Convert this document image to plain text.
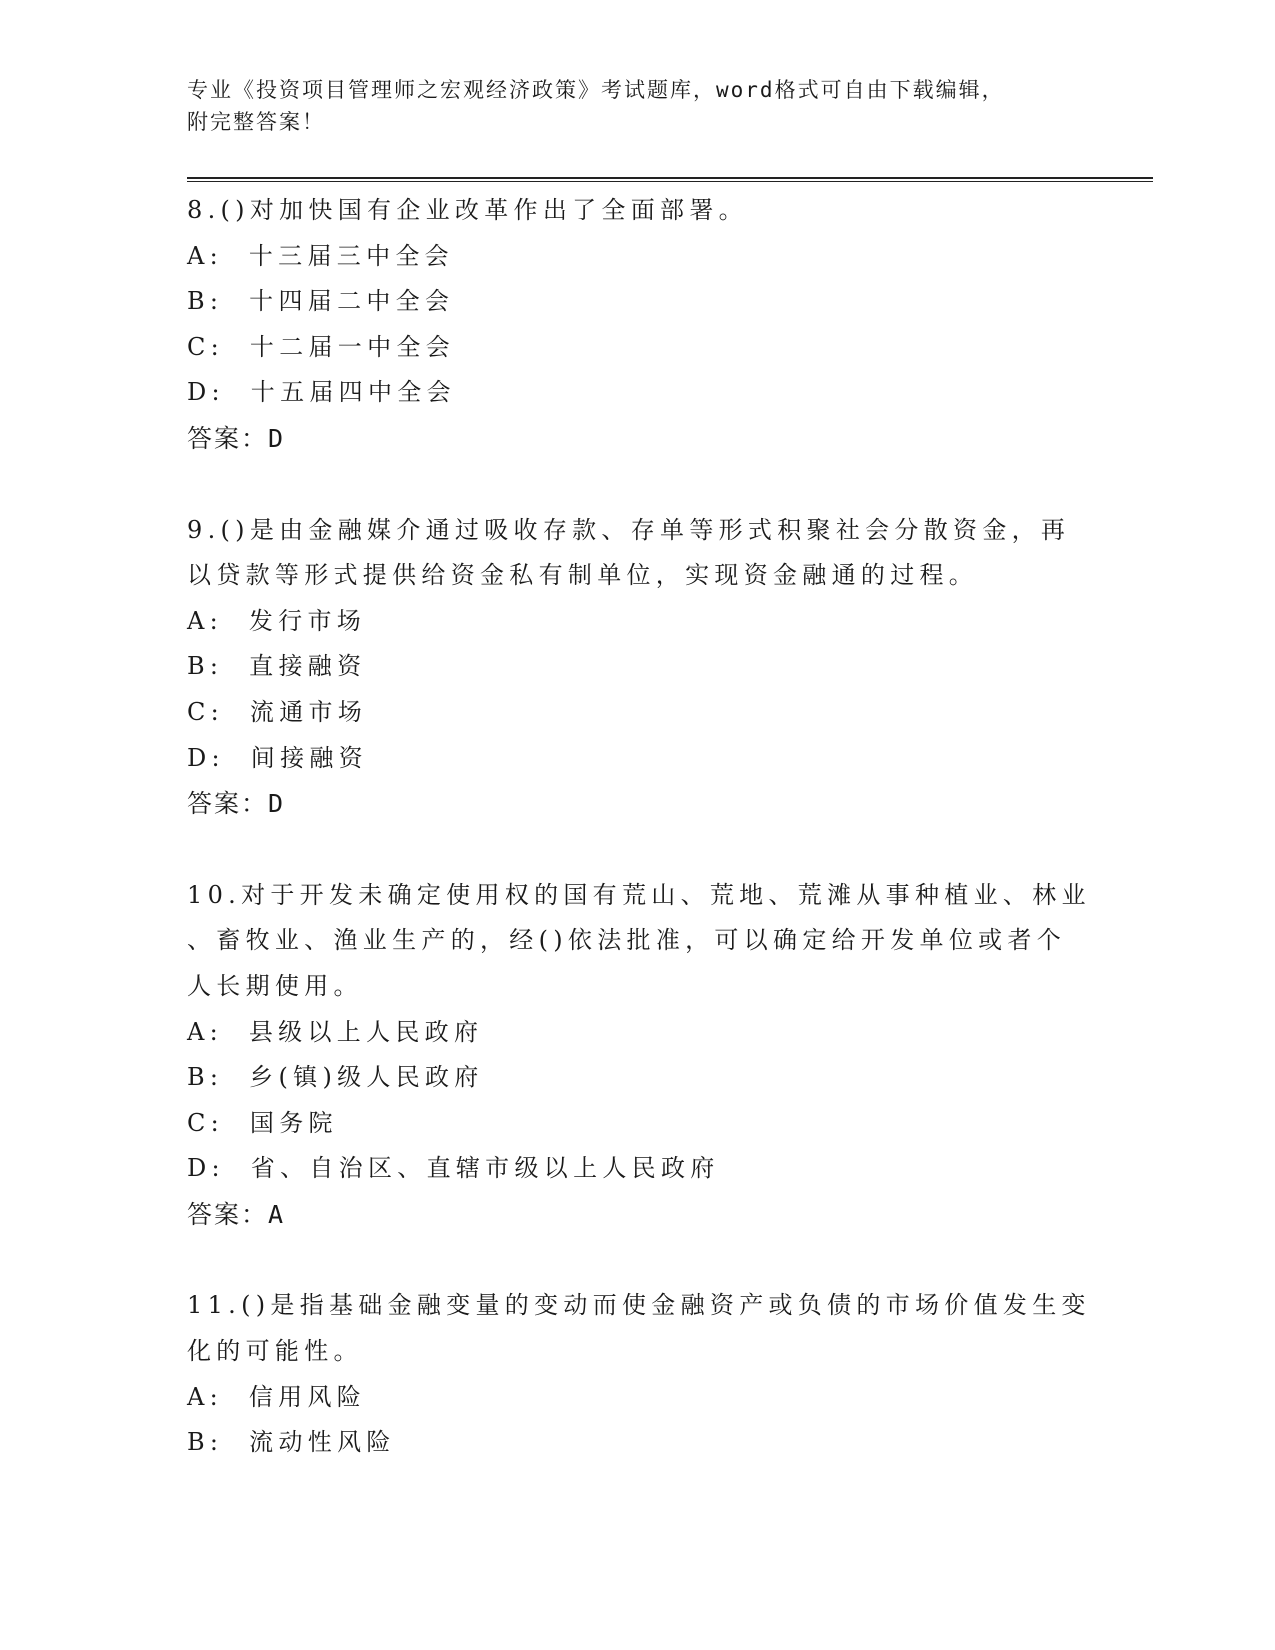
专业《投资项目管理师之宏观经济政策》考试题库，word格式可自由下载编辑，
附完整答案！

8.()对加快国有企业改革作出了全面部署。

A:  十三届三中全会

B:  十四届二中全会

C:  十二届一中全会

D:  十五届四中全会

答案：D

9.()是由金融媒介通过吸收存款、存单等形式积聚社会分散资金，再

以贷款等形式提供给资金私有制单位，实现资金融通的过程。

A:  发行市场

B:  直接融资

C:  流通市场

D:  间接融资

答案：D

10.对于开发未确定使用权的国有荒山、荒地、荒滩从事种植业、林业

、畜牧业、渔业生产的，经()依法批准，可以确定给开发单位或者个

人长期使用。

A:  县级以上人民政府

B:  乡(镇)级人民政府

C:  国务院

D:  省、自治区、直辖市级以上人民政府

答案：A

11.()是指基础金融变量的变动而使金融资产或负债的市场价值发生变

化的可能性。

A:  信用风险

B:  流动性风险
